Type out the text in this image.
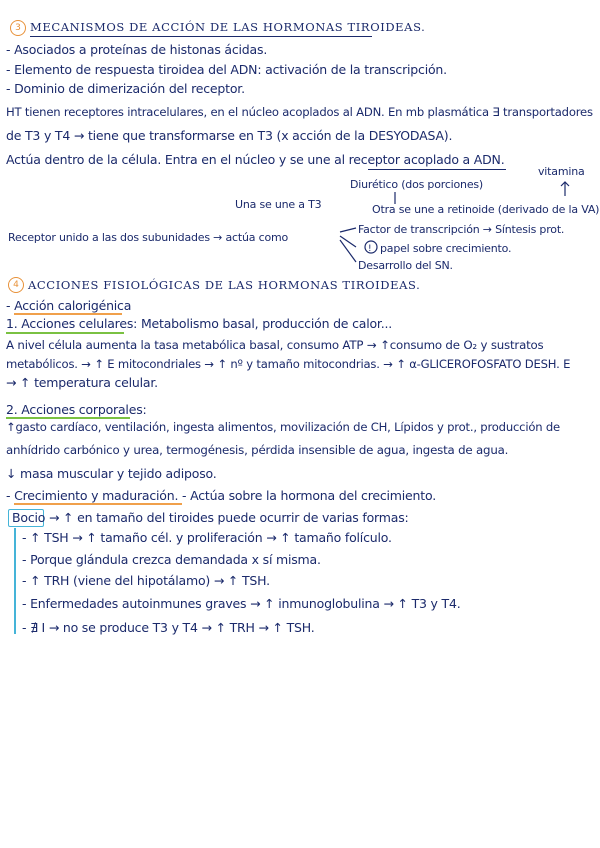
3 MECANISMOS DE ACCIÓN DE LAS HORMONAS TIROIDEAS.
- Asociados a proteínas de histonas ácidas.
- Elemento de respuesta tiroidea del ADN: activación de la transcripción.
- Dominio de dimerización del receptor.
HT tienen receptores intracelulares, en el núcleo acoplados al ADN. En mb plasmática ∃ transportadores
de T3 y T4 → tiene que transformarse en T3 (x acción de la DESYODASA).
Actúa dentro de la célula. Entra en el núcleo y se une al receptor acoplado a ADN.
Diurético (dos porciones)
vitamina
Una se une a T3	Otra se une a retinoide (derivado de la VA)
Receptor unido a las dos subunidades → actúa como
Factor de transcripción → Síntesis prot.
papel sobre crecimiento.
Desarrollo del SN.
!
4 ACCIONES FISIOLÓGICAS DE LAS HORMONAS TIROIDEAS.
- Acción calorigénica
1. Acciones celulares: Metabolismo basal, producción de calor...
A nivel célula aumenta la tasa metabólica basal, consumo ATP → ↑consumo de O₂ y sustratos
metabólicos. → ↑ E mitocondriales → ↑ nº y tamaño mitocondrias. → ↑ α-GLICEROFOSFATO DESH. E
→ ↑ temperatura celular.
2. Acciones corporales:
↑gasto cardíaco, ventilación, ingesta alimentos, movilización de CH, Lípidos y prot., producción de
anhídrido carbónico y urea, termogénesis, pérdida insensible de agua, ingesta de agua.
↓ masa muscular y tejido adiposo.
- Crecimiento y maduración. - Actúa sobre la hormona del crecimiento.
Bocio → ↑ en tamaño del tiroides puede ocurrir de varias formas:
- ↑ TSH → ↑ tamaño cél. y proliferación → ↑ tamaño folículo.
- Porque glándula crezca demandada x sí misma.
- ↑ TRH (viene del hipotálamo) → ↑ TSH.
- Enfermedades autoinmunes graves → ↑ inmunoglobulina → ↑ T3 y T4.
- ∄ I → no se produce T3 y T4 → ↑ TRH → ↑ TSH.
